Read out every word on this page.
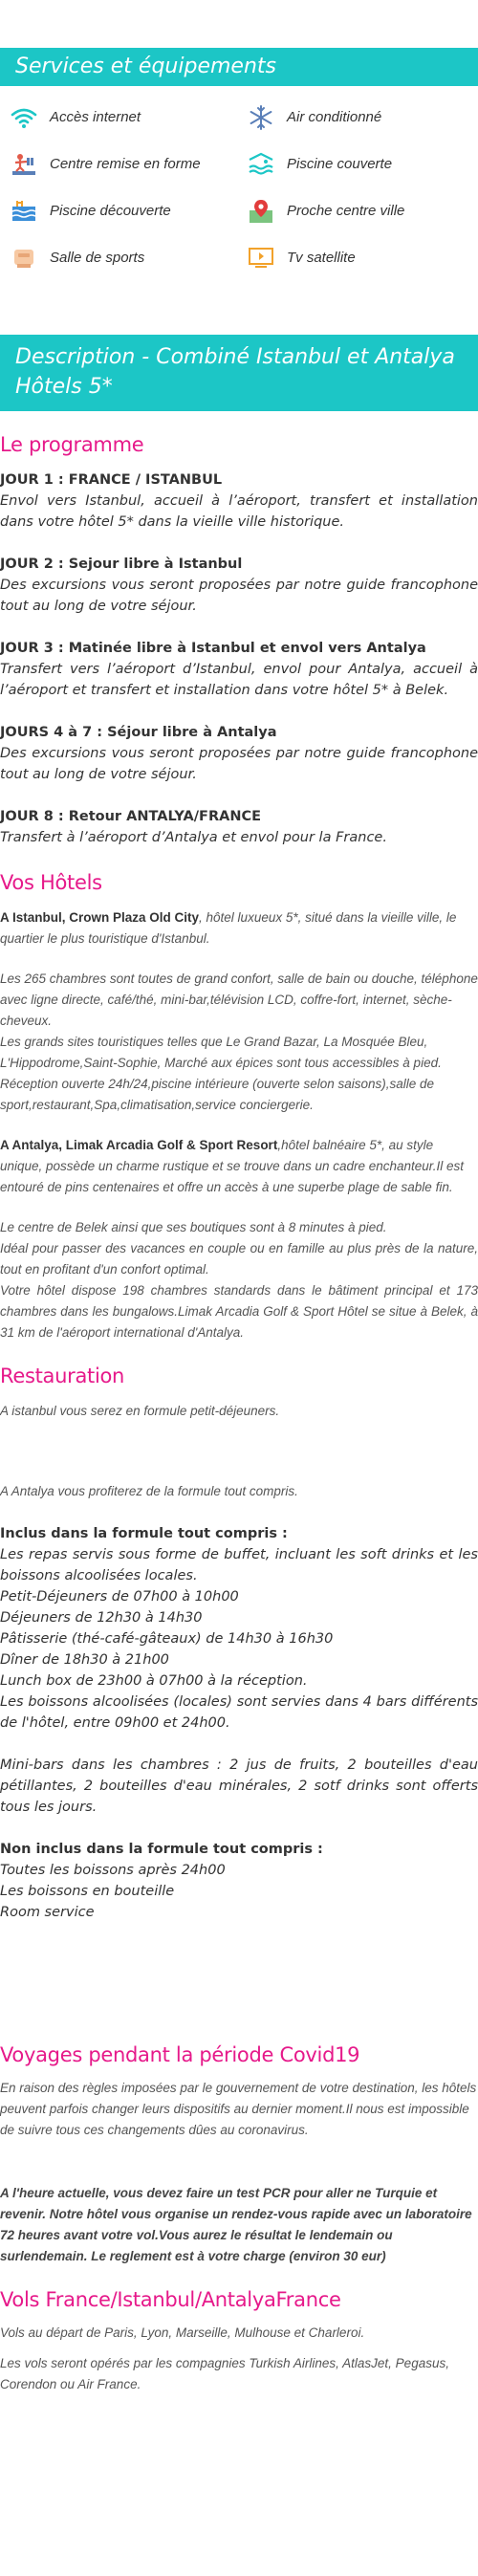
Services et équipements
Accès internet	Air conditionné
Centre remise en forme	Piscine couverte
Piscine découverte	Proche centre ville
Salle de sports	Tv satellite
Description - Combiné Istanbul et Antalya Hôtels 5*
Le programme

JOUR 1 : FRANCE / ISTANBUL

Envol vers Istanbul, accueil à l’aéroport, transfert et installation dans votre hôtel 5* dans la vieille ville historique.

JOUR 2 : Sejour libre à Istanbul

Des excursions vous seront proposées par notre guide francophone tout au long de votre séjour.

JOUR 3 : Matinée libre à Istanbul et envol vers Antalya

Transfert vers l’aéroport d’Istanbul, envol pour Antalya, accueil à l’aéroport et transfert et installation dans votre hôtel 5* à Belek.

JOURS 4 à 7 : Séjour libre à Antalya

Des excursions vous seront proposées par notre guide francophone tout au long de votre séjour.

JOUR 8 : Retour ANTALYA/FRANCE

Transfert à l’aéroport d’Antalya et envol pour la France.

Vos Hôtels

A Istanbul, Crown Plaza Old City, hôtel luxueux 5*, situé dans la vieille ville, le quartier le plus touristique d'Istanbul.

Les 265 chambres sont toutes de grand confort, salle de bain ou douche, téléphone avec ligne directe, café/thé, mini-bar,télévision LCD, coffre-fort, internet, sèche-cheveux.

Les grands sites touristiques telles que Le Grand Bazar, La Mosquée Bleu, L'Hippodrome,Saint-Sophie, Marché aux épices sont tous accessibles à pied.

Réception ouverte 24h/24,piscine intérieure (ouverte selon saisons),salle de sport,restaurant,Spa,climatisation,service conciergerie.

A Antalya, Limak Arcadia Golf & Sport Resort,hôtel balnéaire 5*, au style unique, possède un charme rustique et se trouve dans un cadre enchanteur.Il est entouré de pins centenaires et offre un accès à une superbe plage de sable fin.

Le centre de Belek ainsi que ses boutiques sont à 8 minutes à pied.

Idéal pour passer des vacances en couple ou en famille au plus près de la nature, tout en profitant d'un confort optimal.

Votre hôtel dispose 198 chambres standards dans le bâtiment principal et 173 chambres dans les bungalows.Limak Arcadia Golf & Sport Hôtel se situe à Belek, à 31 km de l'aéroport international d'Antalya.

Restauration

A istanbul vous serez en formule petit-déjeuners.

A Antalya vous profiterez de la formule tout compris.

Inclus dans la formule tout compris :

Les repas servis sous forme de buffet, incluant les soft drinks et les boissons alcoolisées locales.

Petit-Déjeuners de 07h00 à 10h00

Déjeuners de 12h30 à 14h30

Pâtisserie (thé-café-gâteaux) de 14h30 à 16h30

Dîner de 18h30 à 21h00

Lunch box de 23h00 à 07h00 à la réception.

Les boissons alcoolisées (locales) sont servies dans 4 bars différents de l'hôtel, entre 09h00 et 24h00.

Mini-bars dans les chambres : 2 jus de fruits, 2 bouteilles d'eau pétillantes, 2 bouteilles d'eau minérales, 2 sotf drinks sont offerts tous les jours.

Non inclus dans la formule tout compris :

Toutes les boissons après 24h00

Les boissons en bouteille

Room service

Voyages pendant la période Covid19

En raison des règles imposées par le gouvernement de votre destination, les hôtels peuvent parfois changer leurs dispositifs au dernier moment.Il nous est impossible de suivre tous ces changements dûes au coronavirus.

A l'heure actuelle, vous devez faire un test PCR pour aller ne Turquie et revenir. Notre hôtel vous organise un rendez-vous rapide avec un laboratoire 72 heures avant votre vol.Vous aurez le résultat le lendemain ou surlendemain. Le reglement est à votre charge (environ 30 eur)

Vols France/Istanbul/AntalyaFrance

Vols au départ de Paris, Lyon, Marseille, Mulhouse et Charleroi.

Les vols seront opérés par les compagnies Turkish Airlines, AtlasJet, Pegasus, Corendon ou Air France.
